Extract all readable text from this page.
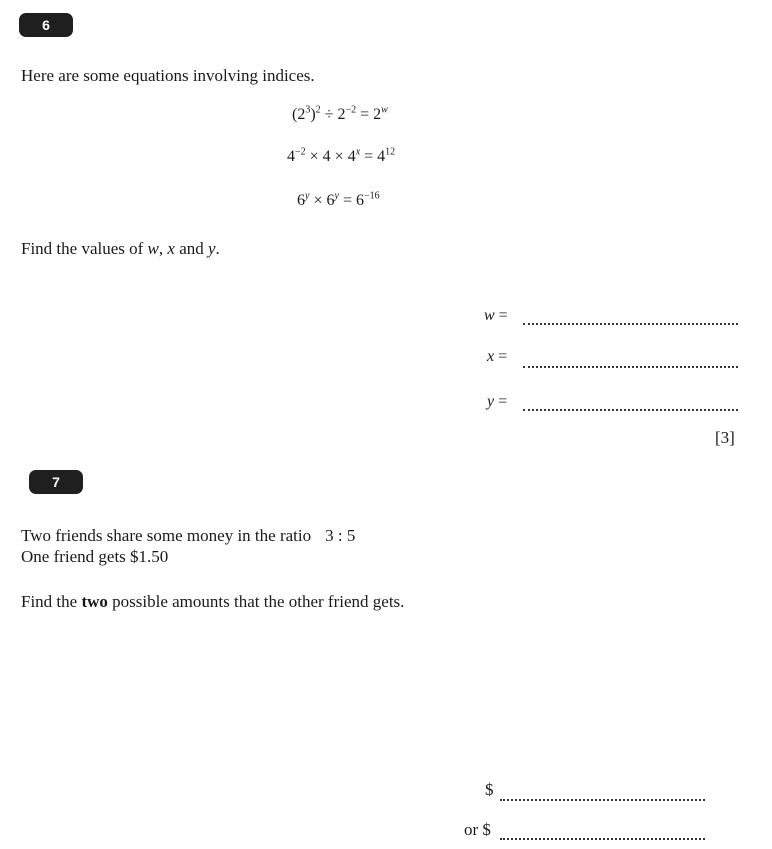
6
Here are some equations involving indices.
$(2^3)^2 \div 2^{-2} = 2^w$
$4^{-2} \times 4 \times 4^x = 4^{12}$
$6^y \times 6^y = 6^{-16}$
Find the values of w, x and y.
w =
x =
y =
[3]
7
Two friends share some money in the ratio 3 : 5
One friend gets $1.50
Find the two possible amounts that the other friend gets.
$
or $
